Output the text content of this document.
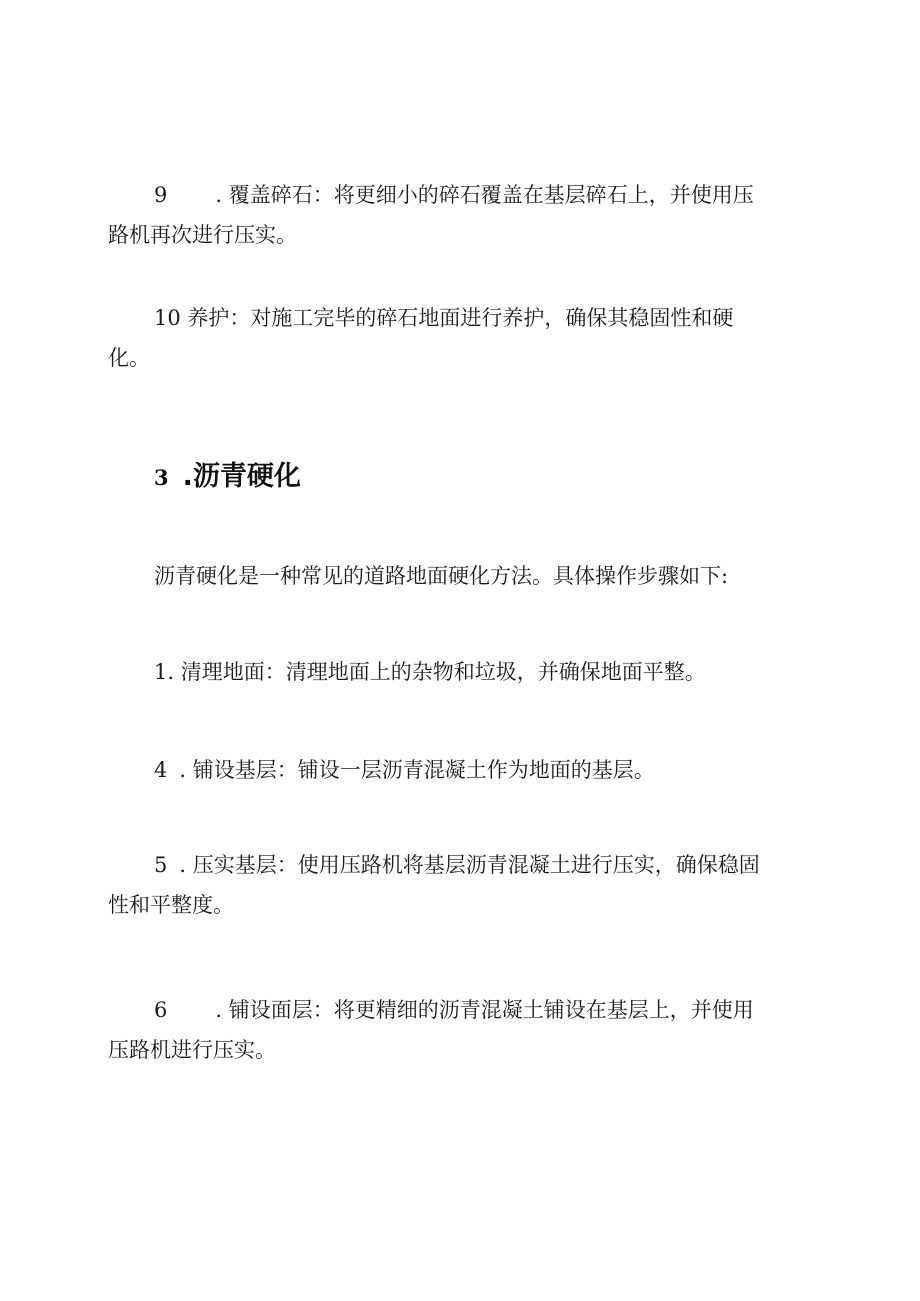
9 . 覆盖碎石：将更细小的碎石覆盖在基层碎石上，并使用压
路机再次进行压实。

10 养护：对施工完毕的碎石地面进行养护，确保其稳固性和硬
化。

3 .沥青硬化

沥青硬化是一种常见的道路地面硬化方法。具体操作步骤如下:

1. 清理地面：清理地面上的杂物和垃圾，并确保地面平整。

4 . 铺设基层：铺设一层沥青混凝土作为地面的基层。

5 . 压实基层：使用压路机将基层沥青混凝土进行压实，确保稳固
性和平整度。

6 . 铺设面层：将更精细的沥青混凝土铺设在基层上，并使用
压路机进行压实。
